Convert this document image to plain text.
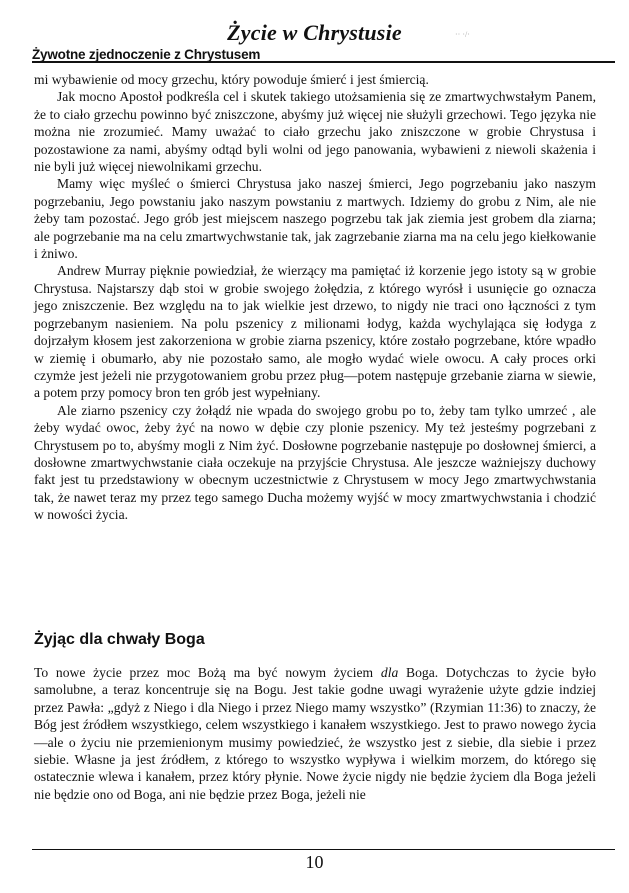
Życie w Chrystusie	·· ·/·
Żywotne zjednoczenie z Chrystusem

mi wybawienie od mocy grzechu, który powoduje śmierć i jest śmiercią.

Jak mocno Apostoł podkreśla cel i skutek takiego utożsamienia się ze zmartwychwstałym Panem, że to ciało grzechu powinno być zniszczone, abyśmy już więcej nie służyli grzechowi. Tego języka nie można nie zrozumieć. Mamy uważać to ciało grzechu jako zniszczone w grobie Chrystusa i pozostawione za nami, abyśmy odtąd byli wolni od jego panowania, wybawieni z niewoli skażenia i nie byli już więcej niewolnikami grzechu.

Mamy więc myśleć o śmierci Chrystusa jako naszej śmierci, Jego pogrzebaniu jako naszym pogrzebaniu, Jego powstaniu jako naszym powstaniu z martwych. Idziemy do grobu z Nim, ale nie żeby tam pozostać. Jego grób jest miejscem naszego pogrzebu tak jak ziemia jest grobem dla ziarna; ale pogrzebanie ma na celu zmartwychwstanie tak, jak zagrzebanie ziarna ma na celu jego kiełkowanie i żniwo.

Andrew Murray pięknie powiedział, że wierzący ma pamiętać iż korzenie jego istoty są w grobie Chrystusa. Najstarszy dąb stoi w grobie swojego żołędzia, z którego wyrósł i usunięcie go oznacza jego zniszczenie. Bez względu na to jak wielkie jest drzewo, to nigdy nie traci ono łączności z tym pogrzebanym nasieniem. Na polu pszenicy z milionami łodyg, każda wychylająca się łodyga z dojrzałym kłosem jest zakorzeniona w grobie ziarna pszenicy, które zostało pogrzebane, które wpadło w ziemię i obumarło, aby nie pozostało samo, ale mogło wydać wiele owocu. A cały proces orki czymże jest jeżeli nie przygotowaniem grobu przez pług—potem następuje grzebanie ziarna w siewie, a potem przy pomocy bron ten grób jest wypełniany.

Ale ziarno pszenicy czy żołądź nie wpada do swojego grobu po to, żeby tam tylko umrzeć , ale żeby wydać owoc, żeby żyć na nowo w dębie czy plonie pszenicy. My też jesteśmy pogrzebani z Chrystusem po to, abyśmy mogli z Nim żyć. Dosłowne pogrzebanie następuje po dosłownej śmierci, a dosłowne zmartwychwstanie ciała oczekuje na przyjście Chrystusa. Ale jeszcze ważniejszy duchowy fakt jest tu przedstawiony w obecnym uczestnictwie z Chrystusem w mocy Jego zmartwychwstania tak, że nawet teraz my przez tego samego Ducha możemy wyjść w mocy zmartwychwstania i chodzić w nowości życia.

Żyjąc dla chwały Boga

To nowe życie przez moc Bożą ma być nowym życiem dla Boga. Dotychczas to życie było samolubne, a teraz koncentruje się na Bogu. Jest takie godne uwagi wyrażenie użyte gdzie indziej przez Pawła: „gdyż z Niego i dla Niego i przez Niego mamy wszystko” (Rzymian 11:36) to znaczy, że Bóg jest źródłem wszystkiego, celem wszystkiego i kanałem wszystkiego. Jest to prawo nowego życia—ale o życiu nie przemienionym musimy powiedzieć, że wszystko jest z siebie, dla siebie i przez siebie. Własne ja jest źródłem, z którego to wszystko wypływa i wielkim morzem, do którego się ostatecznie wlewa i kanałem, przez który płynie. Nowe życie nigdy nie będzie życiem dla Boga jeżeli nie będzie ono od Boga, ani nie będzie przez Boga, jeżeli nie

10
